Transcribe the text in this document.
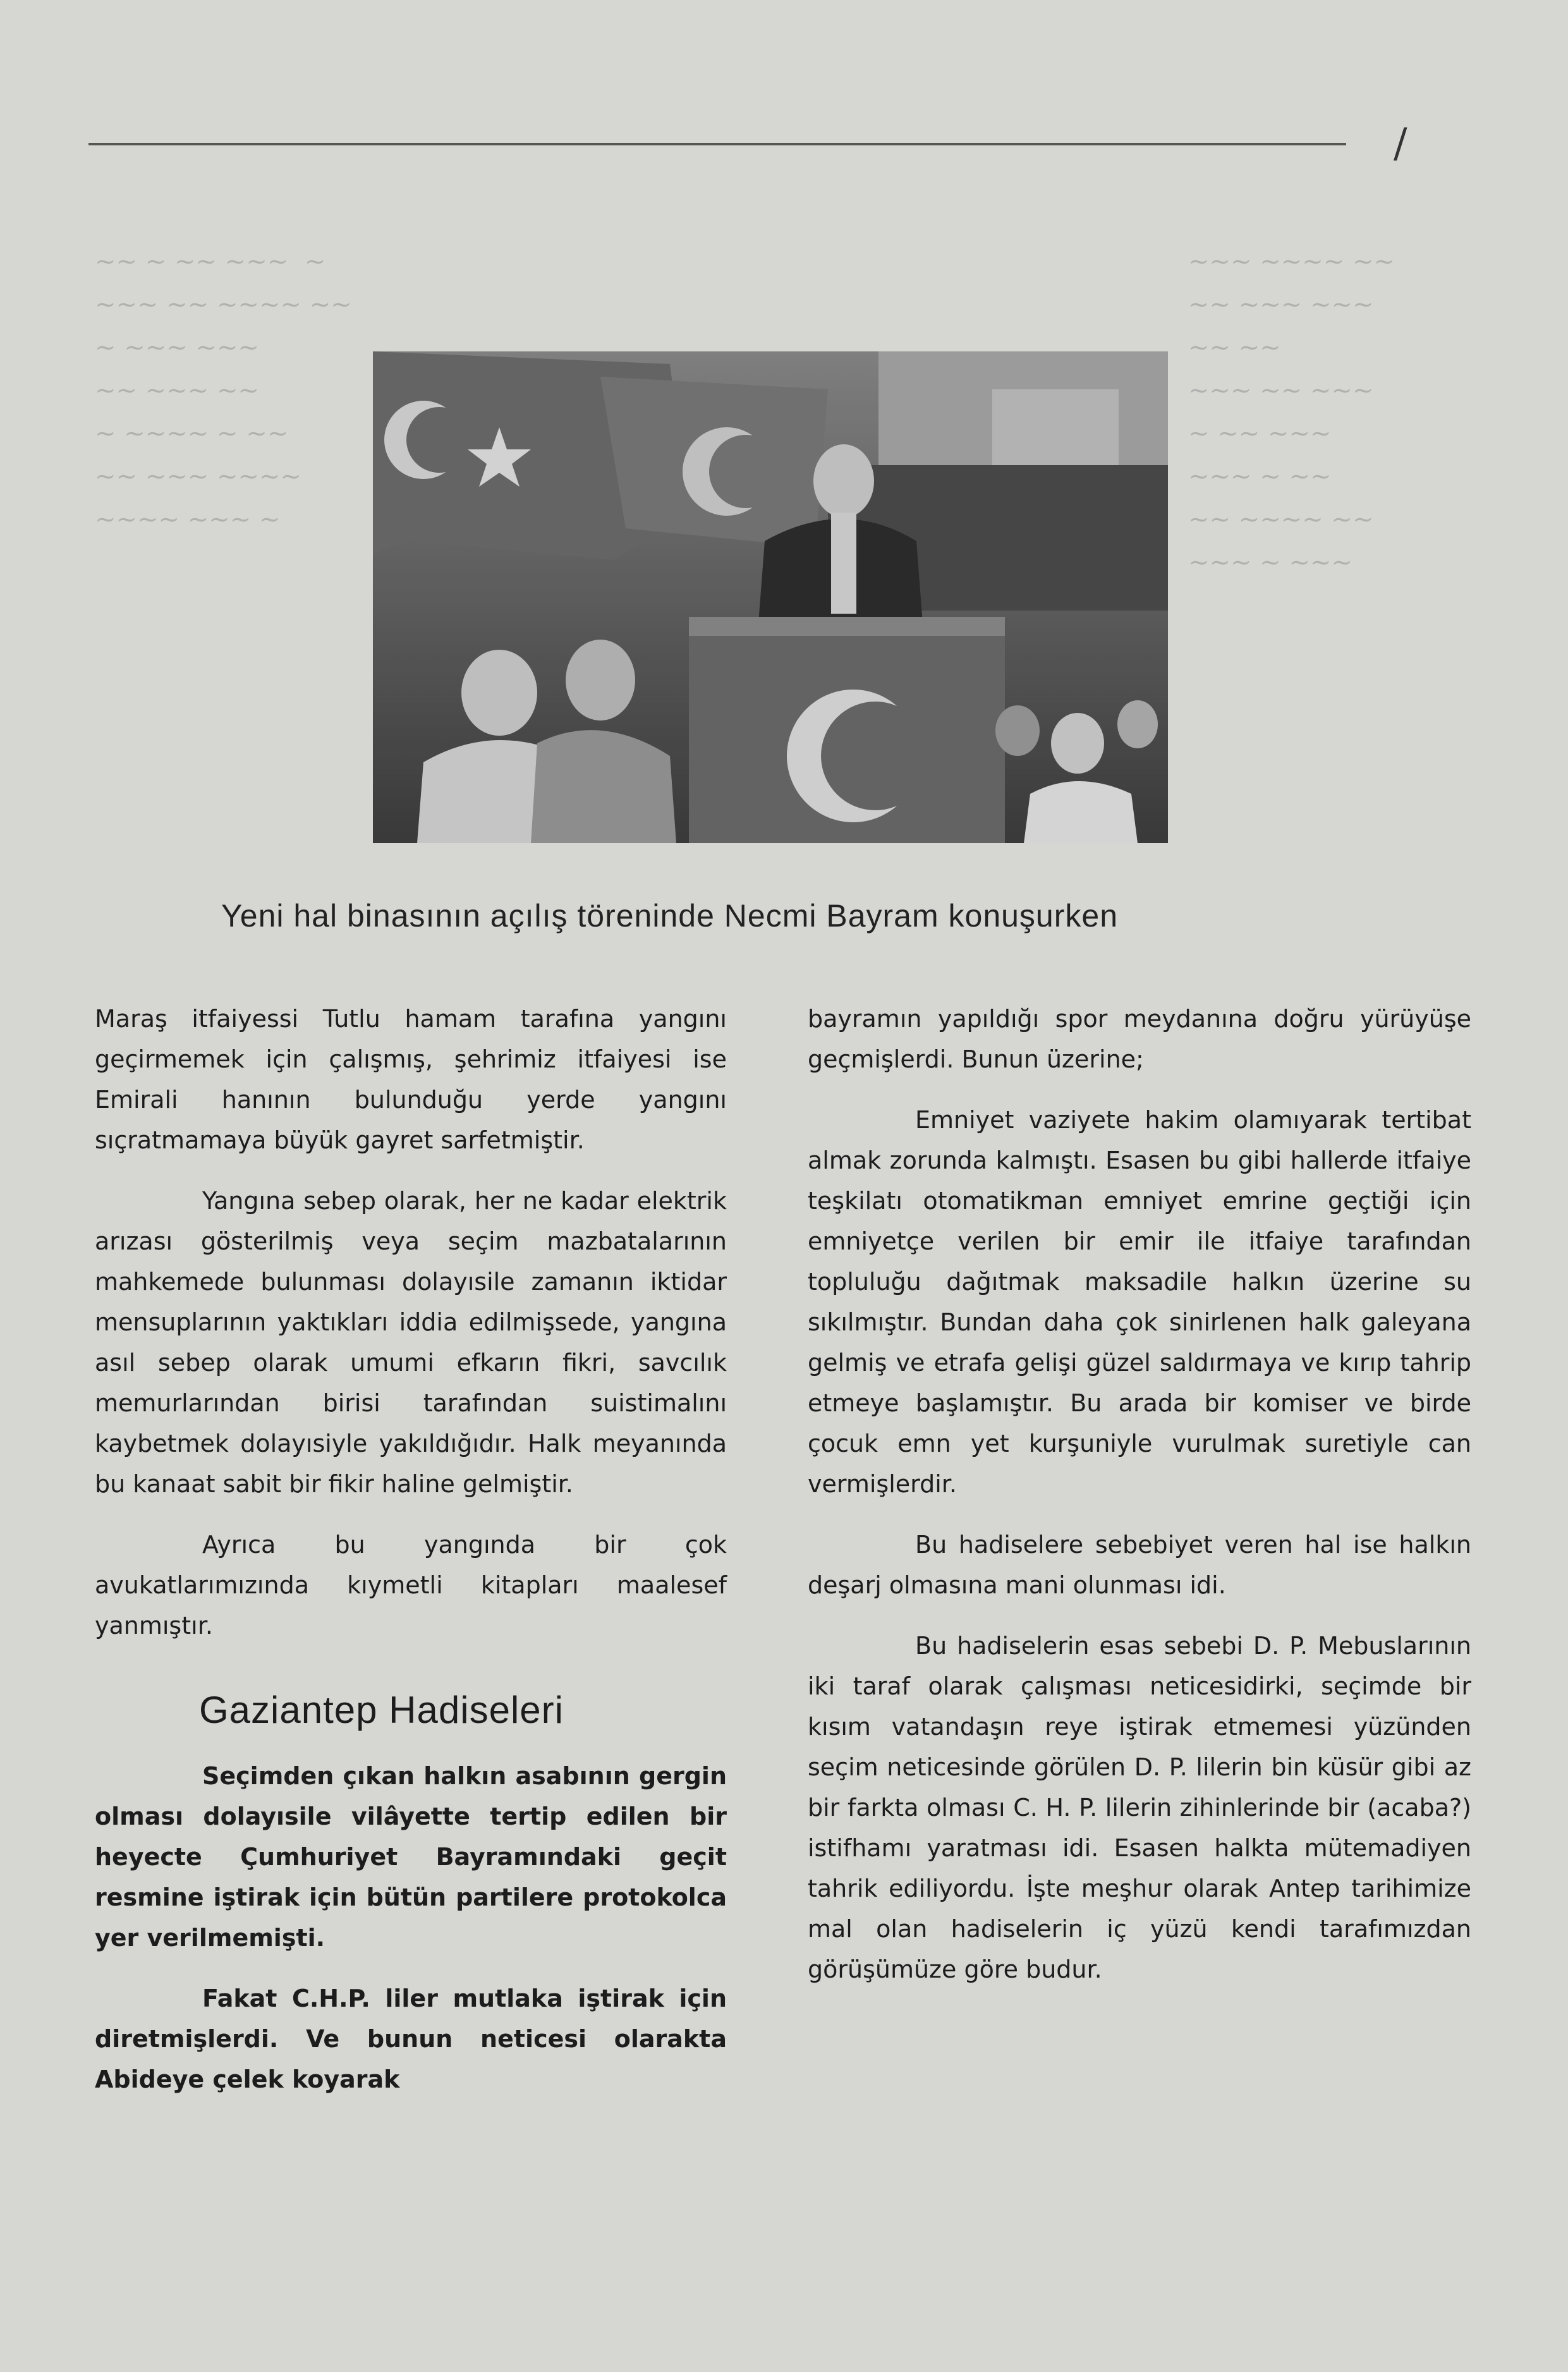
/
~~ ~ ~~ ~~~  ~
~~~ ~~ ~~~~ ~~
~ ~~~ ~~~
~~ ~~~ ~~
~ ~~~~ ~ ~~
~~ ~~~ ~~~~
~~~~ ~~~ ~
~~~ ~~~~ ~~
~~ ~~~ ~~~
~~ ~~
~~~ ~~ ~~~
~ ~~ ~~~
~~~ ~ ~~
~~ ~~~~ ~~
~~~ ~ ~~~
Yeni hal binasının açılış töreninde Necmi Bayram konuşurken

Maraş itfaiyessi Tutlu hamam tarafına yangını geçirmemek için çalışmış, şehrimiz itfaiyesi ise Emirali hanının bulunduğu yerde yangını sıçratmamaya büyük gayret sarfetmiştir.

Yangına sebep olarak, her ne kadar elektrik arızası gösterilmiş veya seçim mazbatalarının mahkemede bulunması dolayısile zamanın iktidar mensuplarının yaktıkları iddia edilmişsede, yangına asıl sebep olarak umumi efkarın fikri, savcılık memurlarından birisi tarafından suistimalını kaybetmek dolayısiyle yakıldığıdır. Halk meyanında bu kanaat sabit bir fikir haline gelmiştir.

Ayrıca bu yangında bir çok avukatlarımızında kıymetli kitapları maalesef yanmıştır.

Gaziantep Hadiseleri

Seçimden çıkan halkın asabının gergin olması dolayısile vilâyette tertip edilen bir heyecte Çumhuriyet Bayramındaki geçit resmine iştirak için bütün partilere protokolca yer verilmemişti.

Fakat C.H.P. liler mutlaka iştirak için diretmişlerdi. Ve bunun neticesi olarakta Abideye çelek koyarak

bayramın yapıldığı spor meydanına doğru yürüyüşe geçmişlerdi. Bunun üzerine;

Emniyet vaziyete hakim olamıyarak tertibat almak zorunda kalmıştı. Esasen bu gibi hallerde itfaiye teşkilatı otomatikman emniyet emrine geçtiği için emniyetçe verilen bir emir ile itfaiye tarafından topluluğu dağıtmak maksadile halkın üzerine su sıkılmıştır. Bundan daha çok sinirlenen halk galeyana gelmiş ve etrafa gelişi güzel saldırmaya ve kırıp tahrip etmeye başlamıştır. Bu arada bir komiser ve birde çocuk emn yet kurşuniyle vurulmak suretiyle can vermişlerdir.

Bu hadiselere sebebiyet veren hal ise halkın deşarj olmasına mani olunması idi.

Bu hadiselerin esas sebebi D. P. Mebuslarının iki taraf olarak çalışması neticesidirki, seçimde bir kısım vatandaşın reye iştirak etmemesi yüzünden seçim neticesinde görülen D. P. lilerin bin küsür gibi az bir farkta olması C. H. P. lilerin zihinlerinde bir (acaba?) istifhamı yaratması idi. Esasen halkta mütemadiyen tahrik ediliyordu. İşte meşhur olarak Antep tarihimize mal olan hadiselerin iç yüzü kendi tarafımızdan görüşümüze göre budur.
